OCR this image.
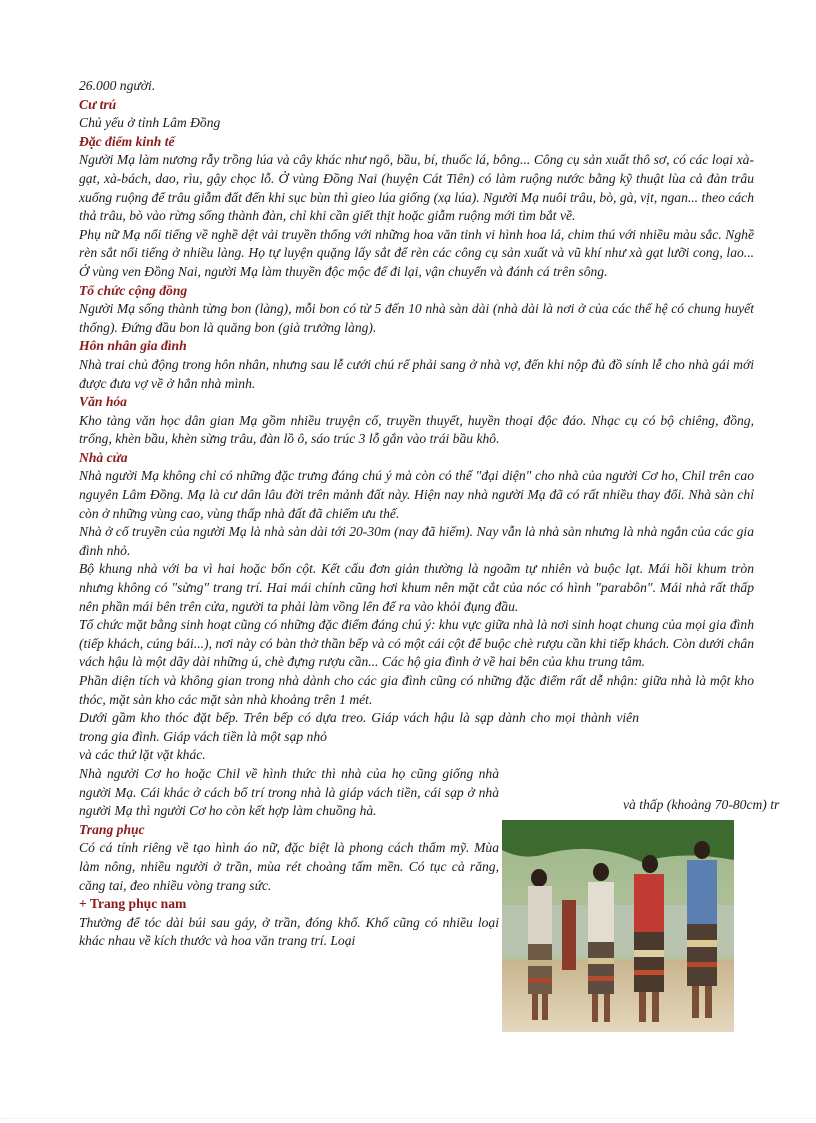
26.000 người.

Cư trú

Chủ yếu ở tỉnh Lâm Đồng

Đặc điểm kinh tế

Người Mạ làm nương rẫy trồng lúa và cây khác như ngô, bầu, bí, thuốc lá, bông... Công cụ sản xuất thô sơ, có các loại xà-gạt, xà-bách, dao, rìu, gậy chọc lỗ. Ở vùng Đồng Nai (huyện Cát Tiên) có làm ruộng nước bằng kỹ thuật lùa cả đàn trâu xuống ruộng để trâu giẫm đất đến khi sục bùn thì gieo lúa giống (xạ lúa). Người Mạ nuôi trâu, bò, gà, vịt, ngan... theo cách thả trâu, bò vào rừng sống thành đàn, chỉ khi cần giết thịt hoặc giẫm ruộng mới tìm bắt về.

Phụ nữ Mạ nổi tiếng về nghề dệt vải truyền thống với những hoa văn tinh vi hình hoa lá, chim thú với nhiều màu sắc. Nghề rèn sắt nổi tiếng ở nhiều làng. Họ tự luyện quặng lấy sắt để rèn các công cụ sản xuất và vũ khí như xà gạt lưỡi cong, lao... Ở vùng ven Đồng Nai, người Mạ làm thuyền độc mộc để đi lại, vận chuyển và đánh cá trên sông.

Tổ chức cộng đồng

Người Mạ sống thành từng bon (làng), mỗi bon có từ 5 đến 10 nhà sàn dài (nhà dài là nơi ở của các thế hệ có chung huyết thống). Đứng đầu bon là quăng bon (già trưởng làng).

Hôn nhân gia đình

Nhà trai chủ động trong hôn nhân, nhưng sau lễ cưới chú rể phải sang ở nhà vợ, đến khi nộp đủ đồ sính lễ cho nhà gái mới được đưa vợ về ở hẳn nhà mình.

Văn hóa

Kho tàng văn học dân gian Mạ gồm nhiều truyện cổ, truyền thuyết, huyền thoại độc đáo. Nhạc cụ có bộ chiêng, đồng, trống, khèn bầu, khèn sừng trâu, đàn lồ ô, sáo trúc 3 lỗ gắn vào trái bầu khô.

Nhà cửa

Nhà người Mạ không chỉ có những đặc trưng đáng chú ý mà còn có thể "đại diện" cho nhà của người Cơ ho, Chil trên cao nguyên Lâm Đồng. Mạ là cư dân lâu đời trên mảnh đất này. Hiện nay nhà người Mạ đã có rất nhiều thay đổi. Nhà sàn chỉ còn ở những vùng cao, vùng thấp nhà đất đã chiếm ưu thế.

Nhà ở cổ truyền của người Mạ là nhà sàn dài tới 20-30m (nay đã hiếm). Nay vẫn là nhà sàn nhưng là nhà ngắn của các gia đình nhỏ.

Bộ khung nhà với ba vì hai hoặc bốn cột. Kết cấu đơn giản thường là ngoãm tự nhiên và buộc lạt. Mái hồi khum tròn nhưng không có "sừng" trang trí. Hai mái chính cũng hơi khum nên mặt cắt của nóc có hình "parabôn". Mái nhà rất thấp nên phần mái bên trên cửa, người ta phải làm vồng lên để ra vào khỏi đụng đầu.

Tổ chức mặt bằng sinh hoạt cũng có những đặc điểm đáng chú ý: khu vực giữa nhà là nơi sinh hoạt chung của mọi gia đình (tiếp khách, cúng bái...), nơi này có bàn thờ thần bếp và có một cái cột để buộc chè rượu cần khi tiếp khách. Còn dưới chân vách hậu là một dãy dài những ú, chè đựng rượu cần... Các hộ gia đình ở về hai bên của khu trung tâm.

Phần diện tích và không gian trong nhà dành cho các gia đình cũng có những đặc điểm rất dễ nhận: giữa nhà là một kho thóc, mặt sàn kho các mặt sàn nhà khoảng trên 1 mét.

Dưới gầm kho thóc đặt bếp. Trên bếp có dựa treo. Giáp vách hậu là sạp dành cho mọi thành viên trong gia đình. Giáp vách tiền là một sạp nhỏ

và các thứ lặt vặt khác.

Nhà người Cơ ho hoặc Chil về hình thức thì nhà của họ cũng giống nhà người Mạ. Cái khác ở cách bố trí trong nhà là giáp vách tiền, cái sạp ở nhà người Mạ thì người Cơ ho còn kết hợp làm chuồng hà.

Trang phục

Có cá tính riêng về tạo hình áo nữ, đặc biệt là phong cách thẩm mỹ. Mùa làm nông, nhiều người ở trần, mùa rét choàng tấm mền. Có tục cà răng, căng tai, đeo nhiều vòng trang sức.

+ Trang phục nam

Thường để tóc dài búi sau gáy, ở trần, đóng khố. Khố cũng có nhiều loại khác nhau về kích thước và hoa văn trang trí. Loại

và thấp (khoảng 70-80cm) tr
